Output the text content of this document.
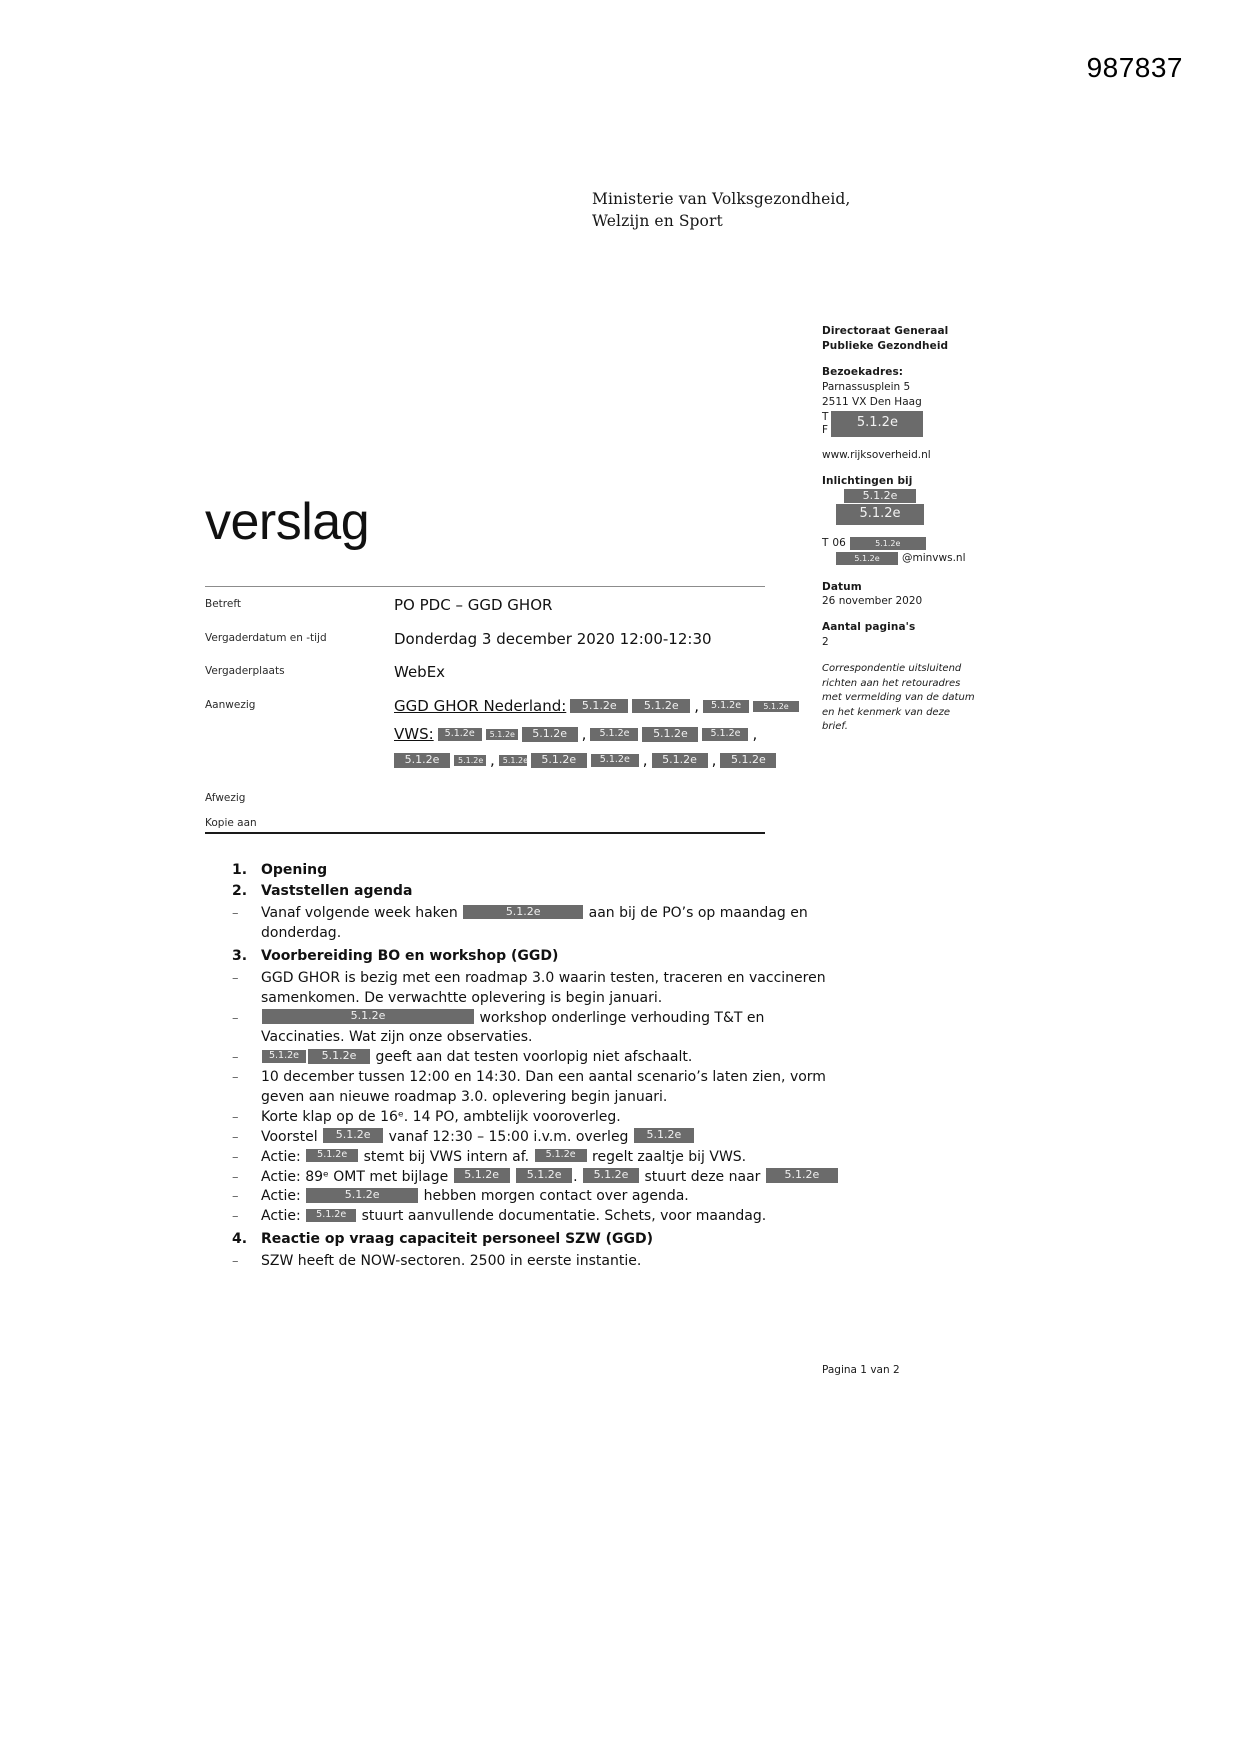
987837
Ministerie van Volksgezondheid,
Welzijn en Sport
Directoraat Generaal
Publieke Gezondheid
Bezoekadres:
Parnassusplein 5
2511 VX Den Haag
T
F	5.1.2e
www.rijksoverheid.nl
Inlichtingen bij
5.1.2e
5.1.2e
T 06	5.1.2e
5.1.2e	@minvws.nl
Datum
26 november 2020
Aantal pagina's
2
Correspondentie uitsluitend
richten aan het retouradres
met vermelding van de datum
en het kenmerk van deze
brief.
verslag
Betreft	PO PDC – GGD GHOR
Vergaderdatum en -tijd	Donderdag 3 december 2020 12:00-12:30
Vergaderplaats	WebEx
Aanwezig	GGD GHOR Nederland:	5.1.2e	5.1.2e	,	5.1.2e	5.1.2e
VWS:	5.1.2e	5.1.2e	5.1.2e ,	5.1.2e	5.1.2e	5.1.2e ,
5.1.2e	5.1.2e ,	5.1.2e	5.1.2e	5.1.2e ,	5.1.2e ,	5.1.2e
Afwezig
Kopie aan
1. Opening
2. Vaststellen agenda
–	Vanaf volgende week haken	5.1.2e	aan bij de PO’s op maandag en donderdag.
3. Voorbereiding BO en workshop (GGD)
–	GGD GHOR is bezig met een roadmap 3.0 waarin testen, traceren en vaccineren samenkomen. De verwachtte oplevering is begin januari.
–	5.1.2e	workshop onderlinge verhouding T&T en Vaccinaties. Wat zijn onze observaties.
–	5.1.2e 5.1.2e geeft aan dat testen voorlopig niet afschaalt.
–	10 december tussen 12:00 en 14:30. Dan een aantal scenario’s laten zien, vorm geven aan nieuwe roadmap 3.0. oplevering begin januari.
–	Korte klap op de 16ᵉ. 14 PO, ambtelijk vooroverleg.
–	Voorstel 5.1.2e vanaf 12:30 – 15:00 i.v.m. overleg 5.1.2e
–	Actie: 5.1.2e stemt bij VWS intern af. 5.1.2e regelt zaaltje bij VWS.
–	Actie: 89ᵉ OMT met bijlage 5.1.2e	5.1.2e . 5.1.2e stuurt deze naar 5.1.2e
–	Actie:	5.1.2e	hebben morgen contact over agenda.
–	Actie: 5.1.2e stuurt aanvullende documentatie. Schets, voor maandag.
4. Reactie op vraag capaciteit personeel SZW (GGD)
–	SZW heeft de NOW-sectoren. 2500 in eerste instantie.
Pagina 1 van 2
